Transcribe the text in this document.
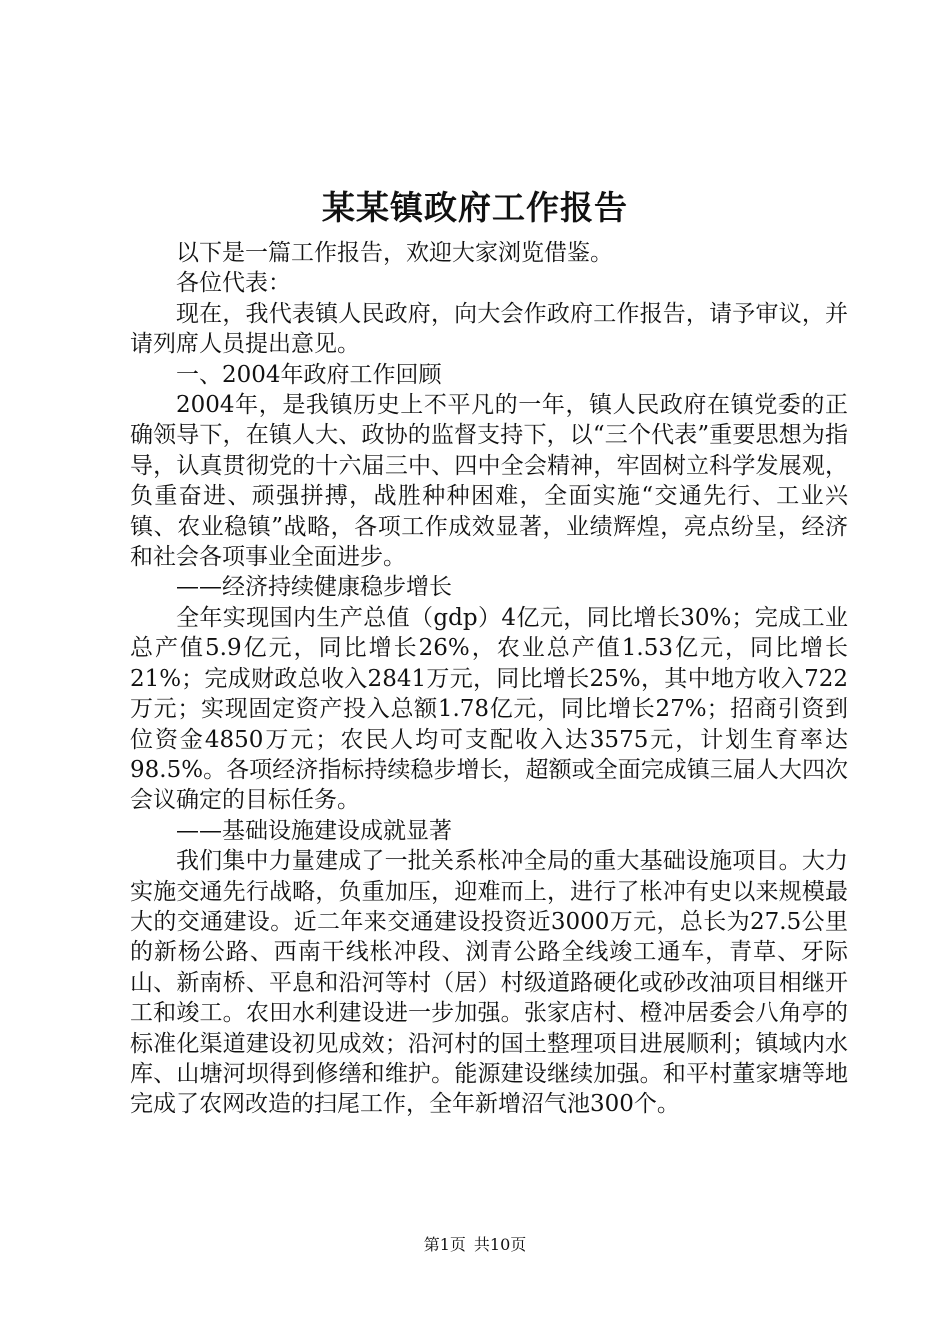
某某镇政府工作报告

以下是一篇工作报告，欢迎大家浏览借鉴。

各位代表：

现在，我代表镇人民政府，向大会作政府工作报告，请予审议，并请列席人员提出意见。

一、2004年政府工作回顾

2004年，是我镇历史上不平凡的一年，镇人民政府在镇党委的正确领导下，在镇人大、政协的监督支持下，以“三个代表”重要思想为指导，认真贯彻党的十六届三中、四中全会精神，牢固树立科学发展观，负重奋进、顽强拼搏，战胜种种困难，全面实施“交通先行、工业兴镇、农业稳镇”战略，各项工作成效显著，业绩辉煌，亮点纷呈，经济和社会各项事业全面进步。

——经济持续健康稳步增长

全年实现国内生产总值（gdp）4亿元，同比增长30%；完成工业总产值5.9亿元，同比增长26%，农业总产值1.53亿元，同比增长21%；完成财政总收入2841万元，同比增长25%，其中地方收入722万元；实现固定资产投入总额1.78亿元，同比增长27%；招商引资到位资金4850万元；农民人均可支配收入达3575元，计划生育率达98.5%。各项经济指标持续稳步增长，超额或全面完成镇三届人大四次会议确定的目标任务。

——基础设施建设成就显著

我们集中力量建成了一批关系枨冲全局的重大基础设施项目。大力实施交通先行战略，负重加压，迎难而上，进行了枨冲有史以来规模最大的交通建设。近二年来交通建设投资近3000万元，总长为27.5公里的新杨公路、西南干线枨冲段、浏青公路全线竣工通车，青草、牙际山、新南桥、平息和沿河等村（居）村级道路硬化或砂改油项目相继开工和竣工。农田水利建设进一步加强。张家店村、橙冲居委会八角亭的标准化渠道建设初见成效；沿河村的国土整理项目进展顺利；镇域内水库、山塘河坝得到修缮和维护。能源建设继续加强。和平村董家塘等地完成了农网改造的扫尾工作，全年新增沼气池300个。

第1页 共10页
